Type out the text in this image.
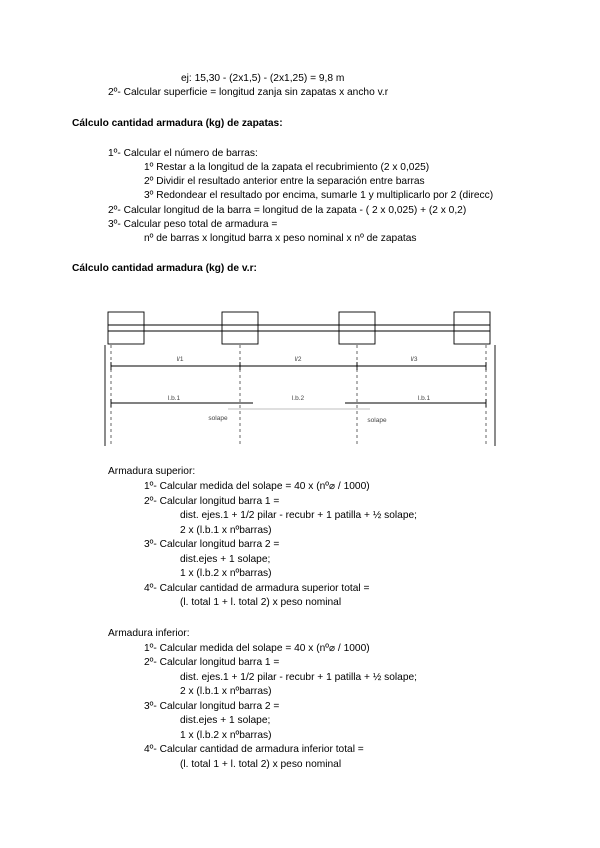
ej: 15,30 - (2x1,5) - (2x1,25) = 9,8 m
2º- Calcular superficie = longitud zanja sin zapatas x ancho v.r
Cálculo cantidad armadura (kg) de zapatas:
1º- Calcular el número de barras:
1º Restar a la longitud de la zapata el recubrimiento (2 x 0,025)
2º Dividir el resultado anterior entre la separación entre barras
3º Redondear el resultado por encima, sumarle 1 y multiplicarlo por 2 (direcc)
2º- Calcular longitud de la barra = longitud de la zapata - ( 2 x 0,025) + (2 x 0,2)
3º- Calcular peso total de armadura =
nº de barras x longitud barra x peso nominal x nº de zapatas
Cálculo cantidad armadura (kg) de v.r:
l/1	l/2	l/3
l.b.1	l.b.2	l.b.1
solape	solape
Armadura superior:
1º- Calcular medida del solape = 40 x (nº⌀ / 1000)
2º- Calcular longitud barra 1 =
dist. ejes.1 + 1/2 pilar - recubr + 1 patilla + ½ solape;
2 x (l.b.1 x nºbarras)
3º- Calcular longitud barra 2 =
dist.ejes + 1 solape;
1 x (l.b.2 x nºbarras)
4º- Calcular cantidad de armadura superior total =
(l. total 1 + l. total 2) x peso nominal
Armadura inferior:
1º- Calcular medida del solape = 40 x (nº⌀ / 1000)
2º- Calcular longitud barra 1 =
dist. ejes.1 + 1/2 pilar - recubr + 1 patilla + ½ solape;
2 x (l.b.1 x nºbarras)
3º- Calcular longitud barra 2 =
dist.ejes + 1 solape;
1 x (l.b.2 x nºbarras)
4º- Calcular cantidad de armadura inferior total =
(l. total 1 + l. total 2) x peso nominal
